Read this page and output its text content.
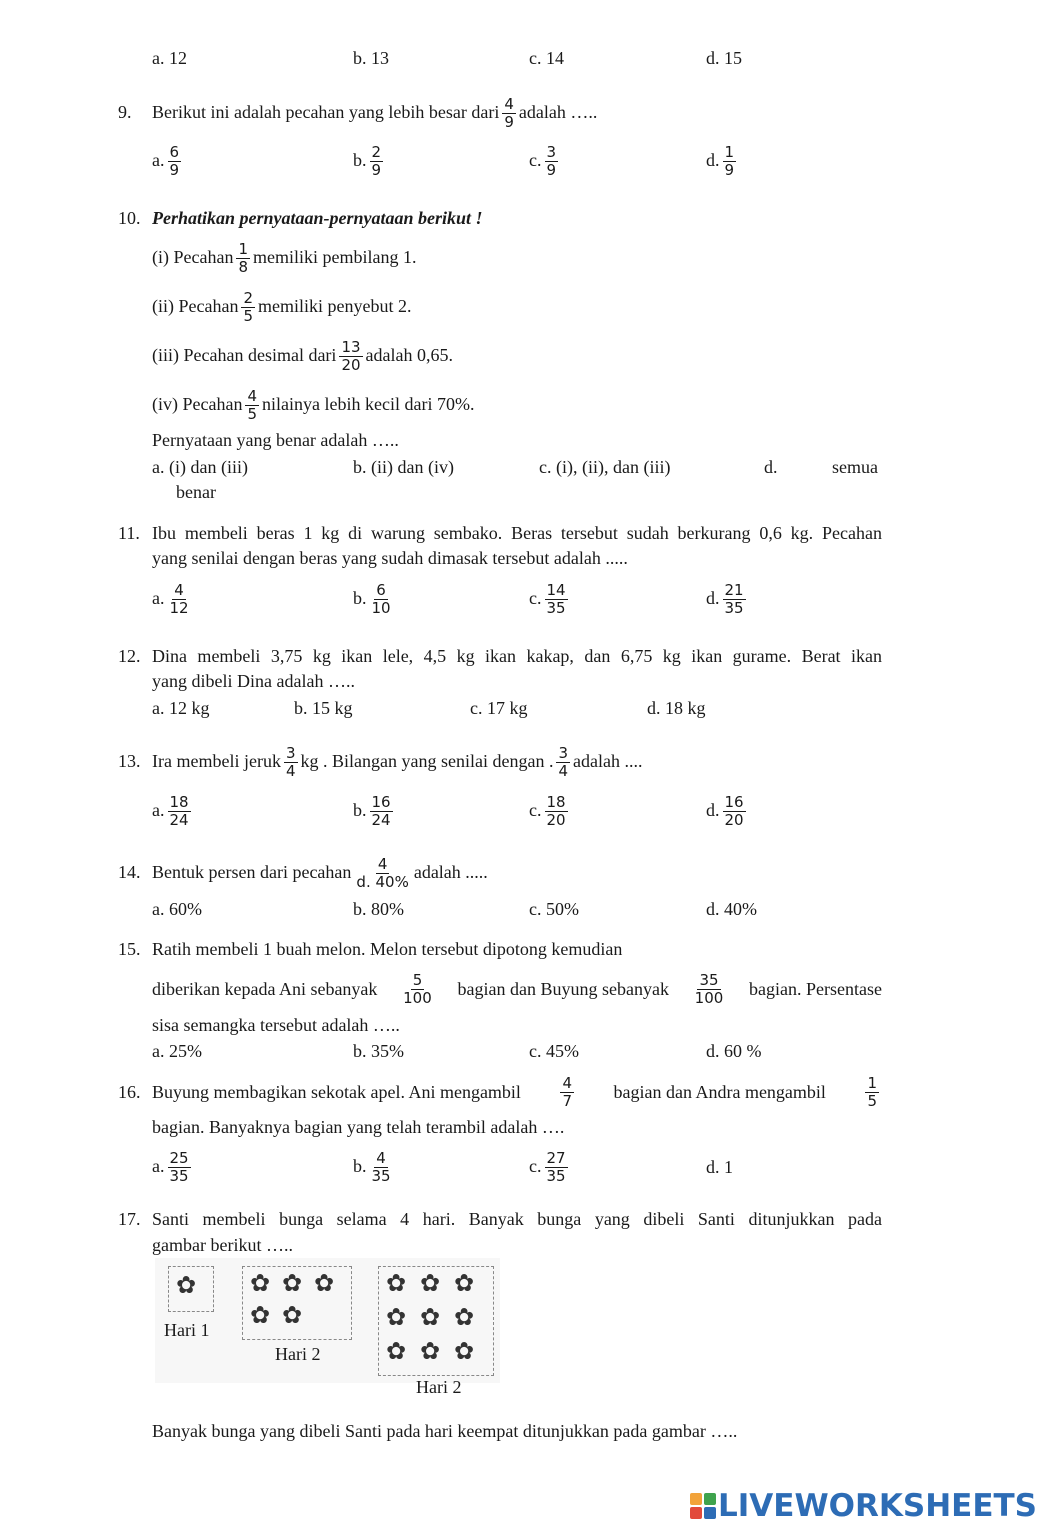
a. 12	b. 13	c. 14	d. 15
9. Berikut ini adalah pecahan yang lebih besar dari $\frac{4}{9}$ adalah …..
a. $\frac{6}{9}$	b. $\frac{2}{9}$	c. $\frac{3}{9}$	d. $\frac{1}{9}$
10. Perhatikan pernyataan-pernyataan berikut !
(i) Pecahan $\frac{1}{8}$ memiliki pembilang 1.
(ii) Pecahan $\frac{2}{5}$ memiliki penyebut 2.
(iii) Pecahan desimal dari $\frac{13}{20}$ adalah 0,65.
(iv) Pecahan $\frac{4}{5}$ nilainya lebih kecil dari 70%.
Pernyataan yang benar adalah …..
a. (i) dan (iii)	b. (ii) dan (iv)	c. (i), (ii), dan (iii)	d.	semua
benar
11. Ibu membeli beras 1 kg di warung sembako. Beras tersebut sudah berkurang 0,6 kg. Pecahan
yang senilai dengan beras yang sudah dimasak tersebut adalah .....
a. $\frac{4}{12}$	b. $\frac{6}{10}$	c. $\frac{14}{35}$	d. $\frac{21}{35}$
12. Dina membeli 3,75 kg ikan lele, 4,5 kg ikan kakap, dan 6,75 kg ikan gurame. Berat ikan
yang dibeli Dina adalah …..
a. 12 kg	b. 15 kg	c. 17 kg	d. 18 kg
13. Ira membeli jeruk $\frac{3}{4}$ kg . Bilangan yang senilai dengan . $\frac{3}{4}$ adalah ....
a. $\frac{18}{24}$	b. $\frac{16}{24}$	c. $\frac{18}{20}$	d. $\frac{16}{20}$
14. Bentuk persen dari pecahan $\frac{4}{d. 40\%}$ adalah .....
a. 60%	b. 80%	c. 50%	d. 40%
15. Ratih membeli 1 buah melon. Melon tersebut dipotong kemudian
diberikan kepada Ani sebanyak $\frac{5}{100}$ bagian dan Buyung sebanyak $\frac{35}{100}$ bagian. Persentase
sisa semangka tersebut adalah …..
a. 25%	b. 35%	c. 45%	d. 60 %
16. Buyung membagikan sekotak apel. Ani mengambil	$\frac{4}{7}$ bagian dan Andra mengambil	$\frac{1}{5}$
bagian. Banyaknya bagian yang telah terambil adalah ….
a. $\frac{25}{35}$	b. $\frac{4}{35}$	c. $\frac{27}{35}$	d. 1
17. Santi membeli bunga selama 4 hari. Banyak bunga yang dibeli Santi ditunjukkan pada
gambar berikut …..
✿ ✿ ✿ ✿
✿ ✿
✿ ✿ ✿
✿ ✿ ✿
✿ ✿ ✿
Hari 1
Hari 2
Hari 2
Banyak bunga yang dibeli Santi pada hari keempat ditunjukkan pada gambar …..
LIVEWORKSHEETS
